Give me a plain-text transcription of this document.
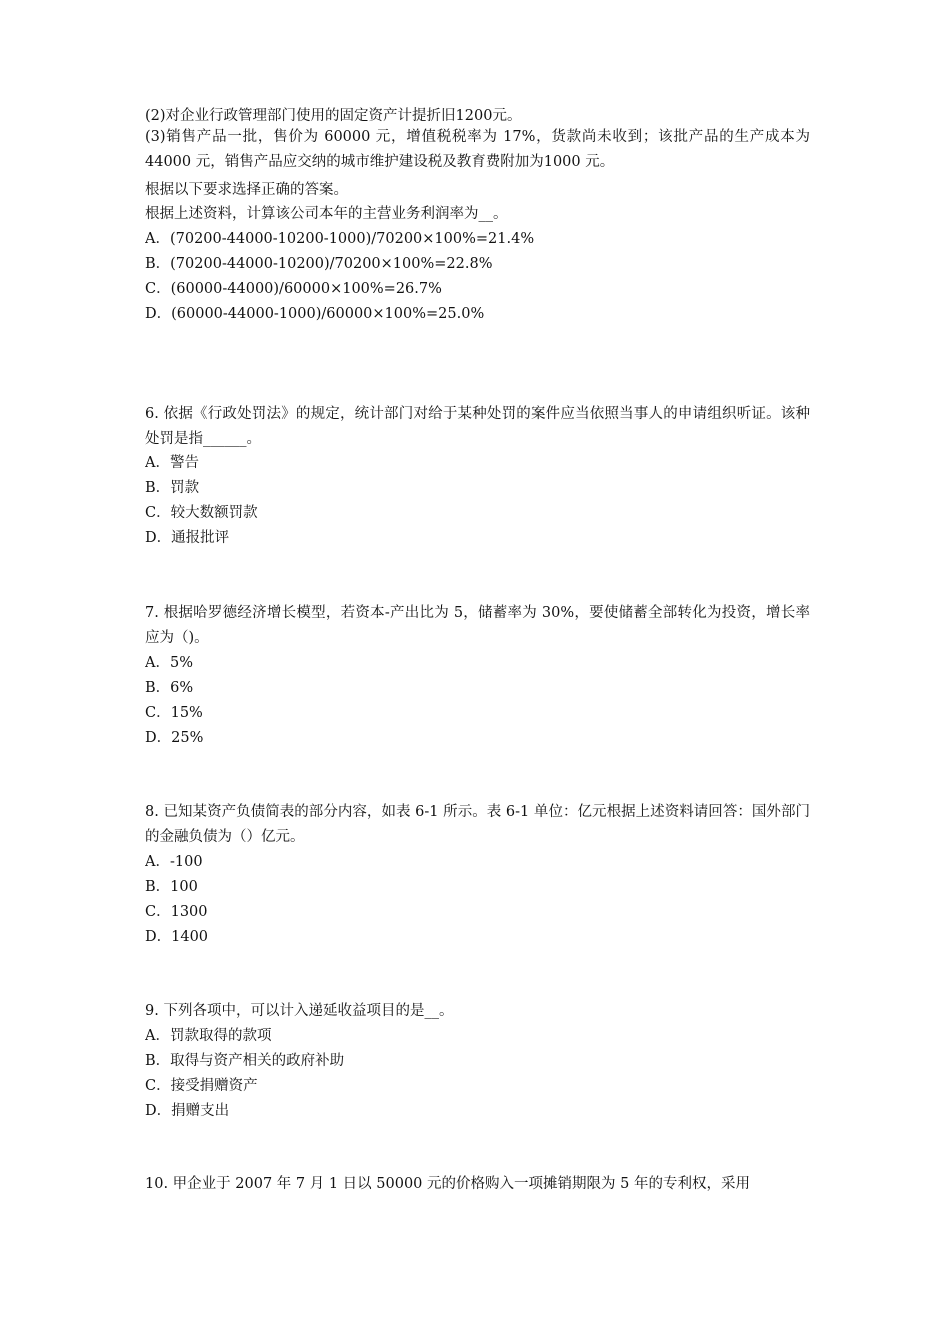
(2)对企业行政管理部门使用的固定资产计提折旧1200元。
(3)销售产品一批，售价为 60000 元，增值税税率为 17%，货款尚未收到；该批产品的生产成本为 44000 元，销售产品应交纳的城市维护建设税及教育费附加为1000 元。
根据以下要求选择正确的答案。
根据上述资料，计算该公司本年的主营业务利润率为__。
A．(70200-44000-10200-1000)/70200×100%=21.4%
B．(70200-44000-10200)/70200×100%=22.8%
C．(60000-44000)/60000×100%=26.7%
D．(60000-44000-1000)/60000×100%=25.0%
6. 依据《行政处罚法》的规定，统计部门对给于某种处罚的案件应当依照当事人的申请组织听证。该种处罚是指______。
A．警告
B．罚款
C．较大数额罚款
D．通报批评
7. 根据哈罗德经济增长模型，若资本-产出比为 5，储蓄率为 30%，要使储蓄全部转化为投资，增长率应为（)。
A．5%
B．6%
C．15%
D．25%
8. 已知某资产负债简表的部分内容，如表 6-1 所示。表 6-1 单位：亿元根据上述资料请回答：国外部门的金融负债为（）亿元。
A．-100
B．100
C．1300
D．1400
9. 下列各项中，可以计入递延收益项目的是__。
A．罚款取得的款项
B．取得与资产相关的政府补助
C．接受捐赠资产
D．捐赠支出
10. 甲企业于 2007 年 7 月 1 日以 50000 元的价格购入一项摊销期限为 5 年的专利权，采用
